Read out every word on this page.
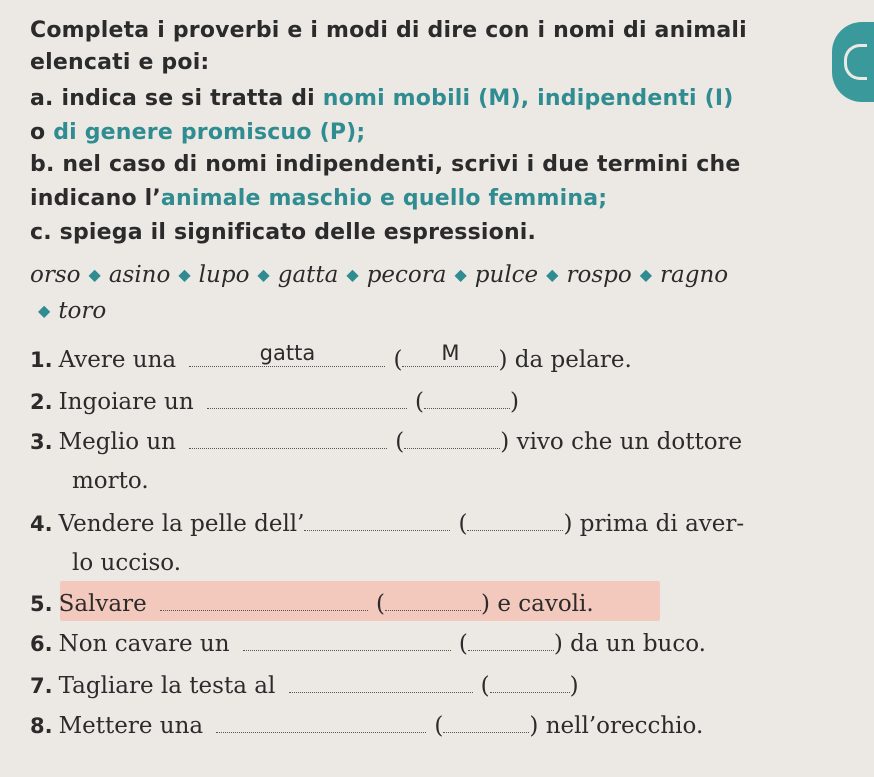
Completa i proverbi e i modi di dire con i nomi di animali
elencati e poi:
a. indica se si tratta di nomi mobili (M), indipendenti (I)
o di genere promiscuo (P);
b. nel caso di nomi indipendenti, scrivi i due termini che
indicano l’animale maschio e quello femmina;
c. spiega il significato delle espressioni.
orso ◆ asino ◆ lupo ◆ gatta ◆ pecora ◆ pulce ◆ rospo ◆ ragno
◆ toro
1. Avere una	gatta	(	M	) da pelare.
2. Ingoiare un	(	)
3. Meglio un	(	) vivo che un dottore
morto.
4. Vendere la pelle dell’	(	) prima di aver-
lo ucciso.
5. Salvare	(	) e cavoli.
6. Non cavare un	(	) da un buco.
7. Tagliare la testa al	(	)
8. Mettere una	(	) nell’orecchio.
